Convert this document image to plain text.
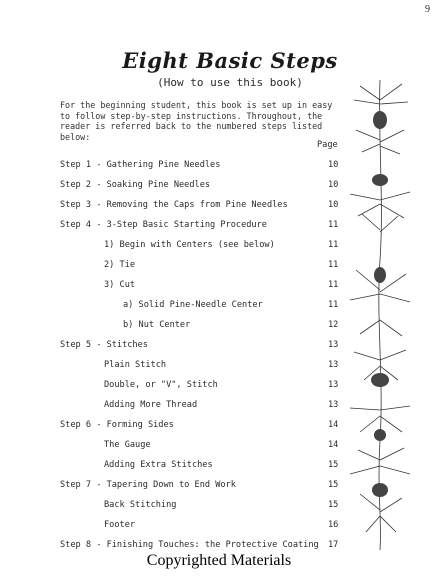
9
Eight Basic Steps
(How to use this book)
For the beginning student, this book is set up in easy to follow step-by-step instructions. Throughout, the reader is referred back to the numbered steps listed below:
Page
Step 1 - Gathering Pine Needles	10
Step 2 - Soaking Pine Needles	10
Step 3 - Removing the Caps from Pine Needles	10
Step 4 - 3-Step Basic Starting Procedure	11
1) Begin with Centers (see below)	11
2) Tie	11
3) Cut	11
a) Solid Pine-Needle Center	11
b) Nut Center	12
Step 5 - Stitches	13
Plain Stitch	13
Double, or "V", Stitch	13
Adding More Thread	13
Step 6 - Forming Sides	14
The Gauge	14
Adding Extra Stitches	15
Step 7 - Tapering Down to End Work	15
Back Stitching	15
Footer	16
Step 8 - Finishing Touches: the Protective Coating 17
Copyrighted Materials
